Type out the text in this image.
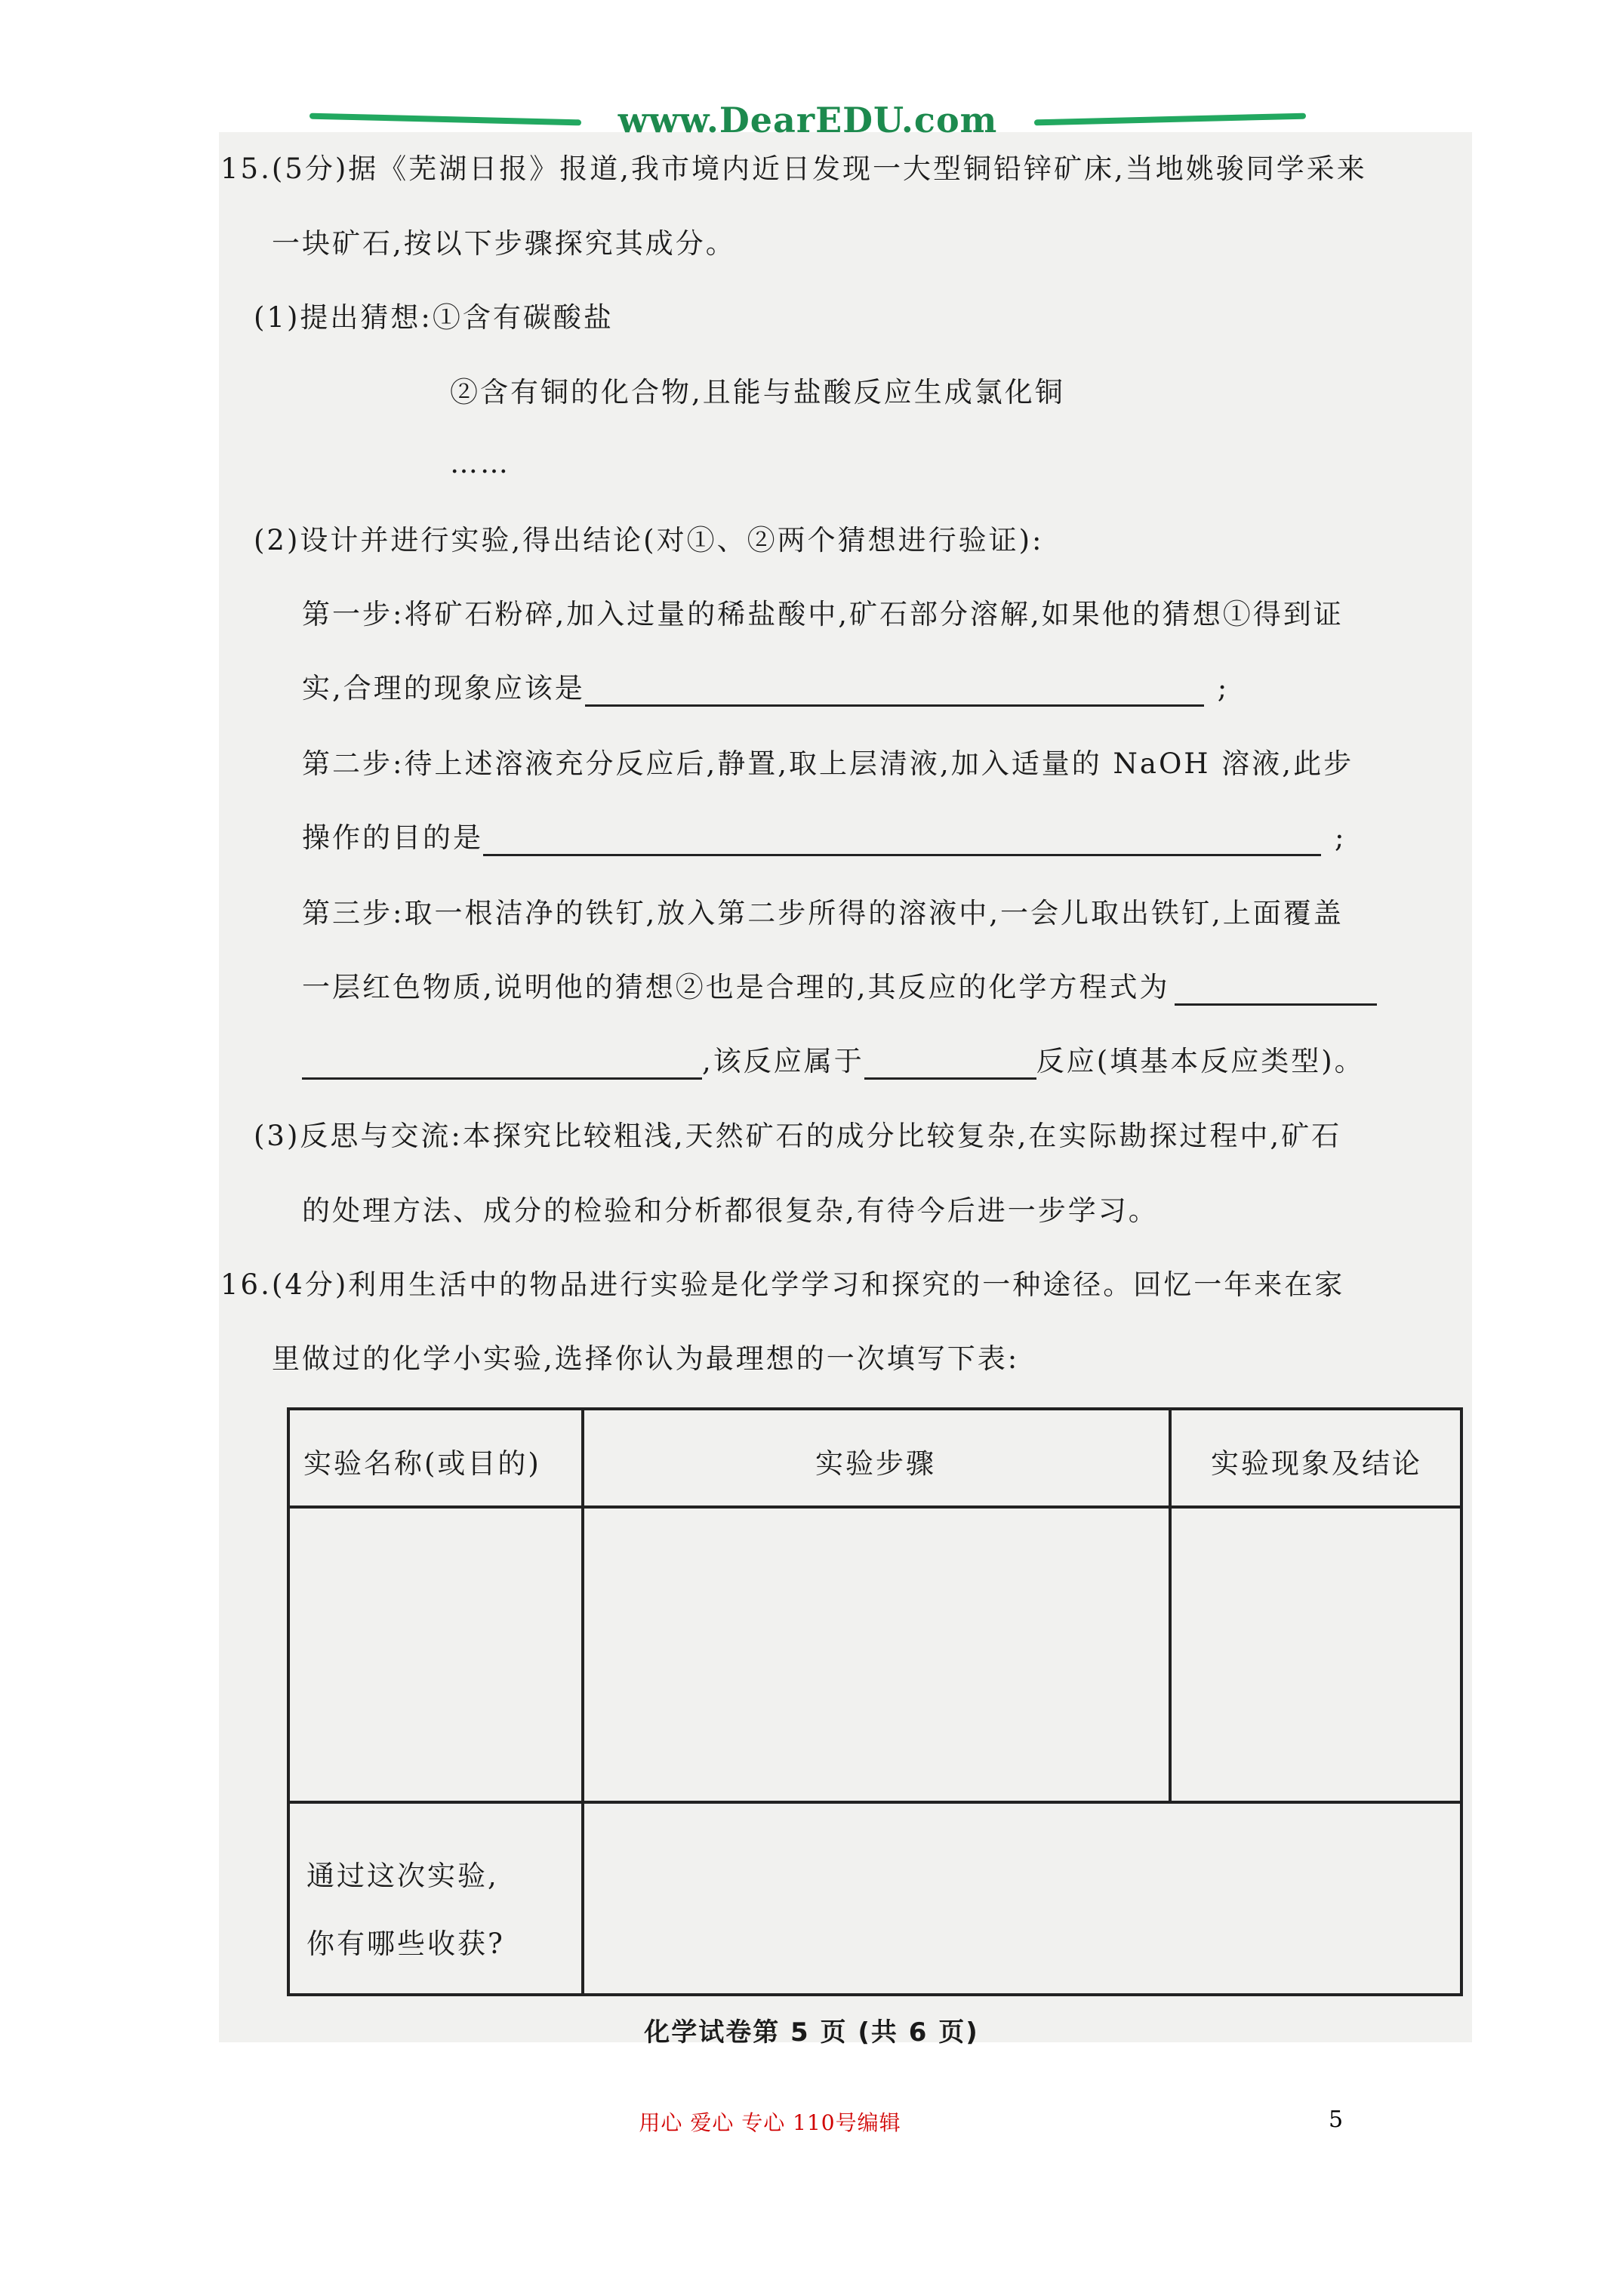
www.DearEDU.com
15.(5分)据《芜湖日报》报道,我市境内近日发现一大型铜铅锌矿床,当地姚骏同学采来
一块矿石,按以下步骤探究其成分。
(1)提出猜想:①含有碳酸盐
②含有铜的化合物,且能与盐酸反应生成氯化铜
……
(2)设计并进行实验,得出结论(对①、②两个猜想进行验证):
第一步:将矿石粉碎,加入过量的稀盐酸中,矿石部分溶解,如果他的猜想①得到证
实,合理的现象应该是	;
第二步:待上述溶液充分反应后,静置,取上层清液,加入适量的 NaOH 溶液,此步
操作的目的是	;
第三步:取一根洁净的铁钉,放入第二步所得的溶液中,一会儿取出铁钉,上面覆盖
一层红色物质,说明他的猜想②也是合理的,其反应的化学方程式为
,该反应属于	反应(填基本反应类型)。
(3)反思与交流:本探究比较粗浅,天然矿石的成分比较复杂,在实际勘探过程中,矿石
的处理方法、成分的检验和分析都很复杂,有待今后进一步学习。
16.(4分)利用生活中的物品进行实验是化学学习和探究的一种途径。回忆一年来在家
里做过的化学小实验,选择你认为最理想的一次填写下表:
实验名称(或目的)	实验步骤	实验现象及结论
通过这次实验,
你有哪些收获?
化学试卷第 5 页 (共 6 页)
用心 爱心 专心 110号编辑	5
